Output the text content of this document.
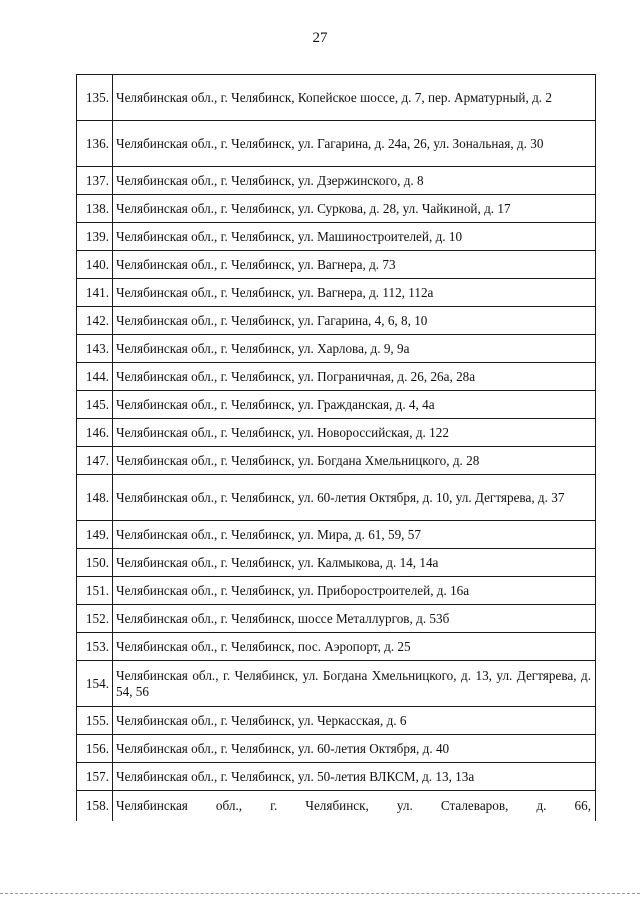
27
135.	Челябинская обл., г. Челябинск, Копейское шоссе, д. 7, пер. Арматурный, д. 2
136.	Челябинская обл., г. Челябинск, ул. Гагарина, д. 24а, 26, ул. Зональная, д. 30
137.	Челябинская обл., г. Челябинск, ул. Дзержинского, д. 8
138.	Челябинская обл., г. Челябинск, ул. Суркова, д. 28, ул. Чайкиной, д. 17
139.	Челябинская обл., г. Челябинск, ул. Машиностроителей, д. 10
140.	Челябинская обл., г. Челябинск, ул. Вагнера, д. 73
141.	Челябинская обл., г. Челябинск, ул. Вагнера, д. 112, 112а
142.	Челябинская обл., г. Челябинск, ул. Гагарина, 4, 6, 8, 10
143.	Челябинская обл., г. Челябинск, ул. Харлова, д. 9, 9а
144.	Челябинская обл., г. Челябинск, ул. Пограничная, д. 26, 26а, 28а
145.	Челябинская обл., г. Челябинск, ул. Гражданская, д. 4, 4а
146.	Челябинская обл., г. Челябинск, ул. Новороссийская, д. 122
147.	Челябинская обл., г. Челябинск, ул. Богдана Хмельницкого, д. 28
148.	Челябинская обл., г. Челябинск, ул. 60-летия Октября, д. 10, ул. Дегтярева, д. 37
149.	Челябинская обл., г. Челябинск, ул. Мира, д. 61, 59, 57
150.	Челябинская обл., г. Челябинск, ул. Калмыкова, д. 14, 14а
151.	Челябинская обл., г. Челябинск, ул. Приборостроителей, д. 16а
152.	Челябинская обл., г. Челябинск, шоссе Металлургов, д. 53б
153.	Челябинская обл., г. Челябинск, пос. Аэропорт, д. 25
154.	Челябинская обл., г. Челябинск, ул. Богдана Хмельницкого, д. 13, ул. Дегтярева, д. 54, 56
155.	Челябинская обл., г. Челябинск, ул. Черкасская, д. 6
156.	Челябинская обл., г. Челябинск, ул. 60-летия Октября, д. 40
157.	Челябинская обл., г. Челябинск, ул. 50-летия ВЛКСМ, д. 13, 13а
158.	Челябинская обл., г. Челябинск, ул. Сталеваров, д. 66,
